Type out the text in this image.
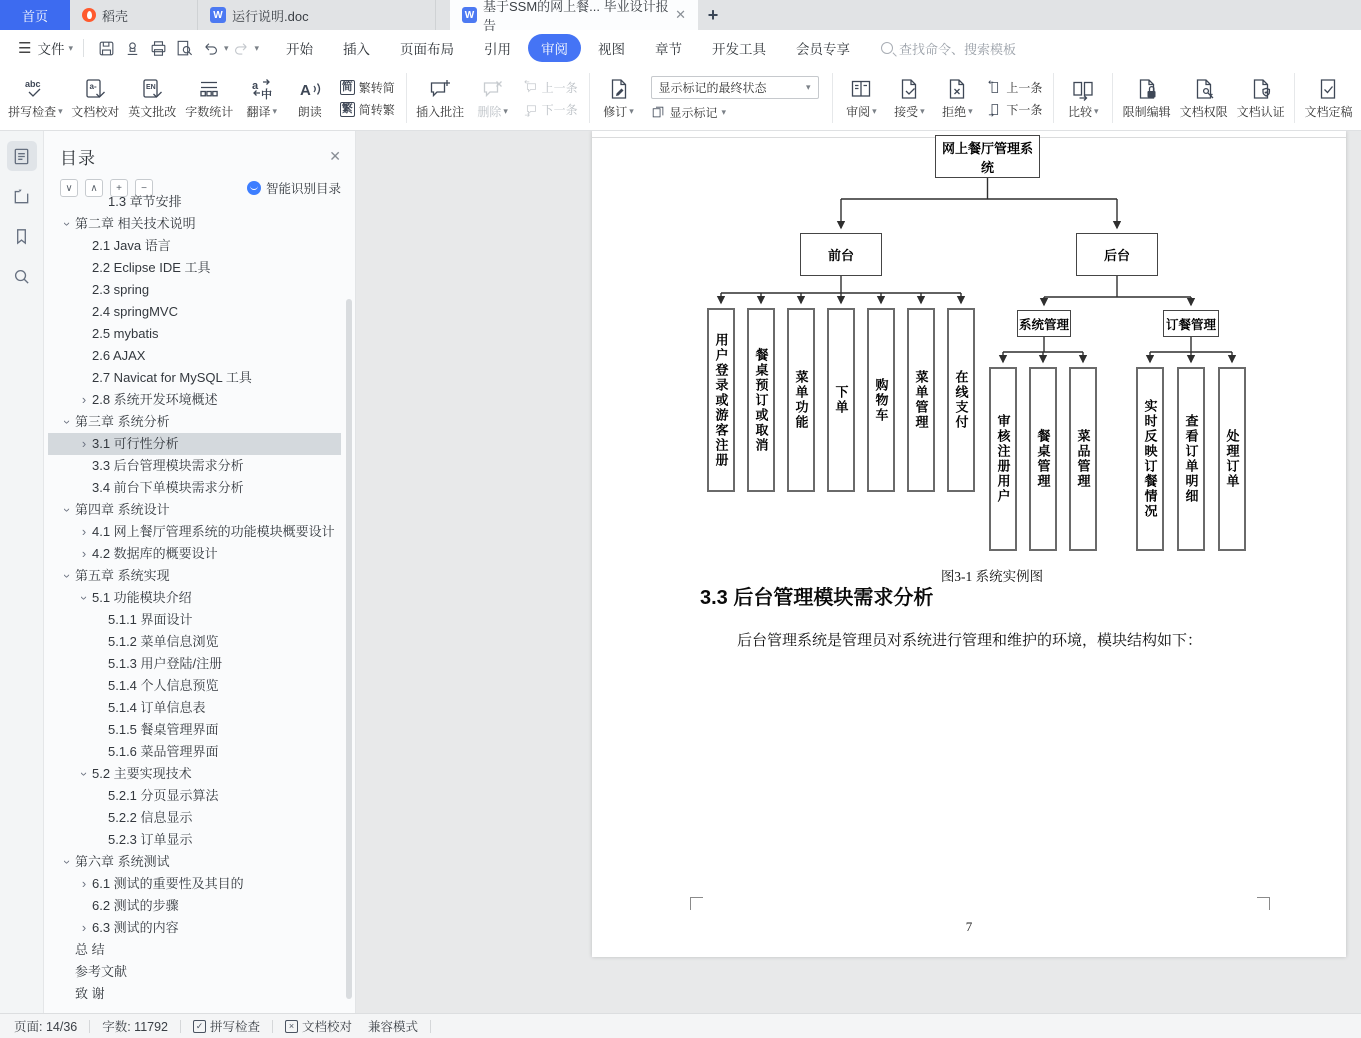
首页	稻壳	W 运行说明.doc	W
基于SSM的网上餐... 毕业设计报告
✕	+
☰ 文件 ▾	▾	▾	开始	插入	页面布局	引用	审阅	视图	章节	开发工具	会员专享	查找命令、搜索模板
abc
拼写检查 ▾
a-
文档校对
EN
英文批改 字数统计
a
中
翻译 ▾
A
朗读
简 繁转简
繁 简转繁 插入批注 删除 ▾
上一条
下一条 修订 ▾
显示标记的最终状态	▾
显示标记 ▾	审阅 ▾ 接受 ▾ 拒绝 ▾
上一条
下一条 比较 ▾ 限制编辑 文档权限 文档认证 文档定稿
目录	✕
∨	∧	+	−	智能识别目录
1.3 章节安排
› 第二章 相关技术说明
2.1 Java 语言
2.2 Eclipse IDE 工具
2.3 spring
2.4 springMVC
2.5 mybatis
2.6 AJAX
2.7 Navicat for MySQL 工具
› 2.8 系统开发环境概述
› 第三章 系统分析
› 3.1 可行性分析
3.3 后台管理模块需求分析
3.4 前台下单模块需求分析
› 第四章 系统设计
› 4.1 网上餐厅管理系统的功能模块概要设计
› 4.2 数据库的概要设计
› 第五章 系统实现
› 5.1 功能模块介绍
5.1.1 界面设计
5.1.2 菜单信息浏览
5.1.3 用户登陆/注册
5.1.4 个人信息预览
5.1.4 订单信息表
5.1.5 餐桌管理界面
5.1.6 菜品管理界面
› 5.2 主要实现技术
5.2.1 分页显示算法
5.2.2 信息显示
5.2.3 订单显示
› 第六章 系统测试
› 6.1 测试的重要性及其目的
6.2 测试的步骤
› 6.3 测试的内容
总 结
参考文献
致 谢
网上餐厅管理系统
前台	后台
用户登录或游客注册 餐桌预订或取消 菜单功能 下单 购物车 菜单管理 在线支付
系统管理	订餐管理
审核注册用户 餐桌管理 菜品管理	实时反映订餐情况 查看订单明细 处理订单
图3-1 系统实例图
3.3 后台管理模块需求分析
后台管理系统是管理员对系统进行管理和维护的环境，模块结构如下：
7
页面: 14/36 字数: 11792	✓ 拼写检查	× 文档校对 兼容模式
